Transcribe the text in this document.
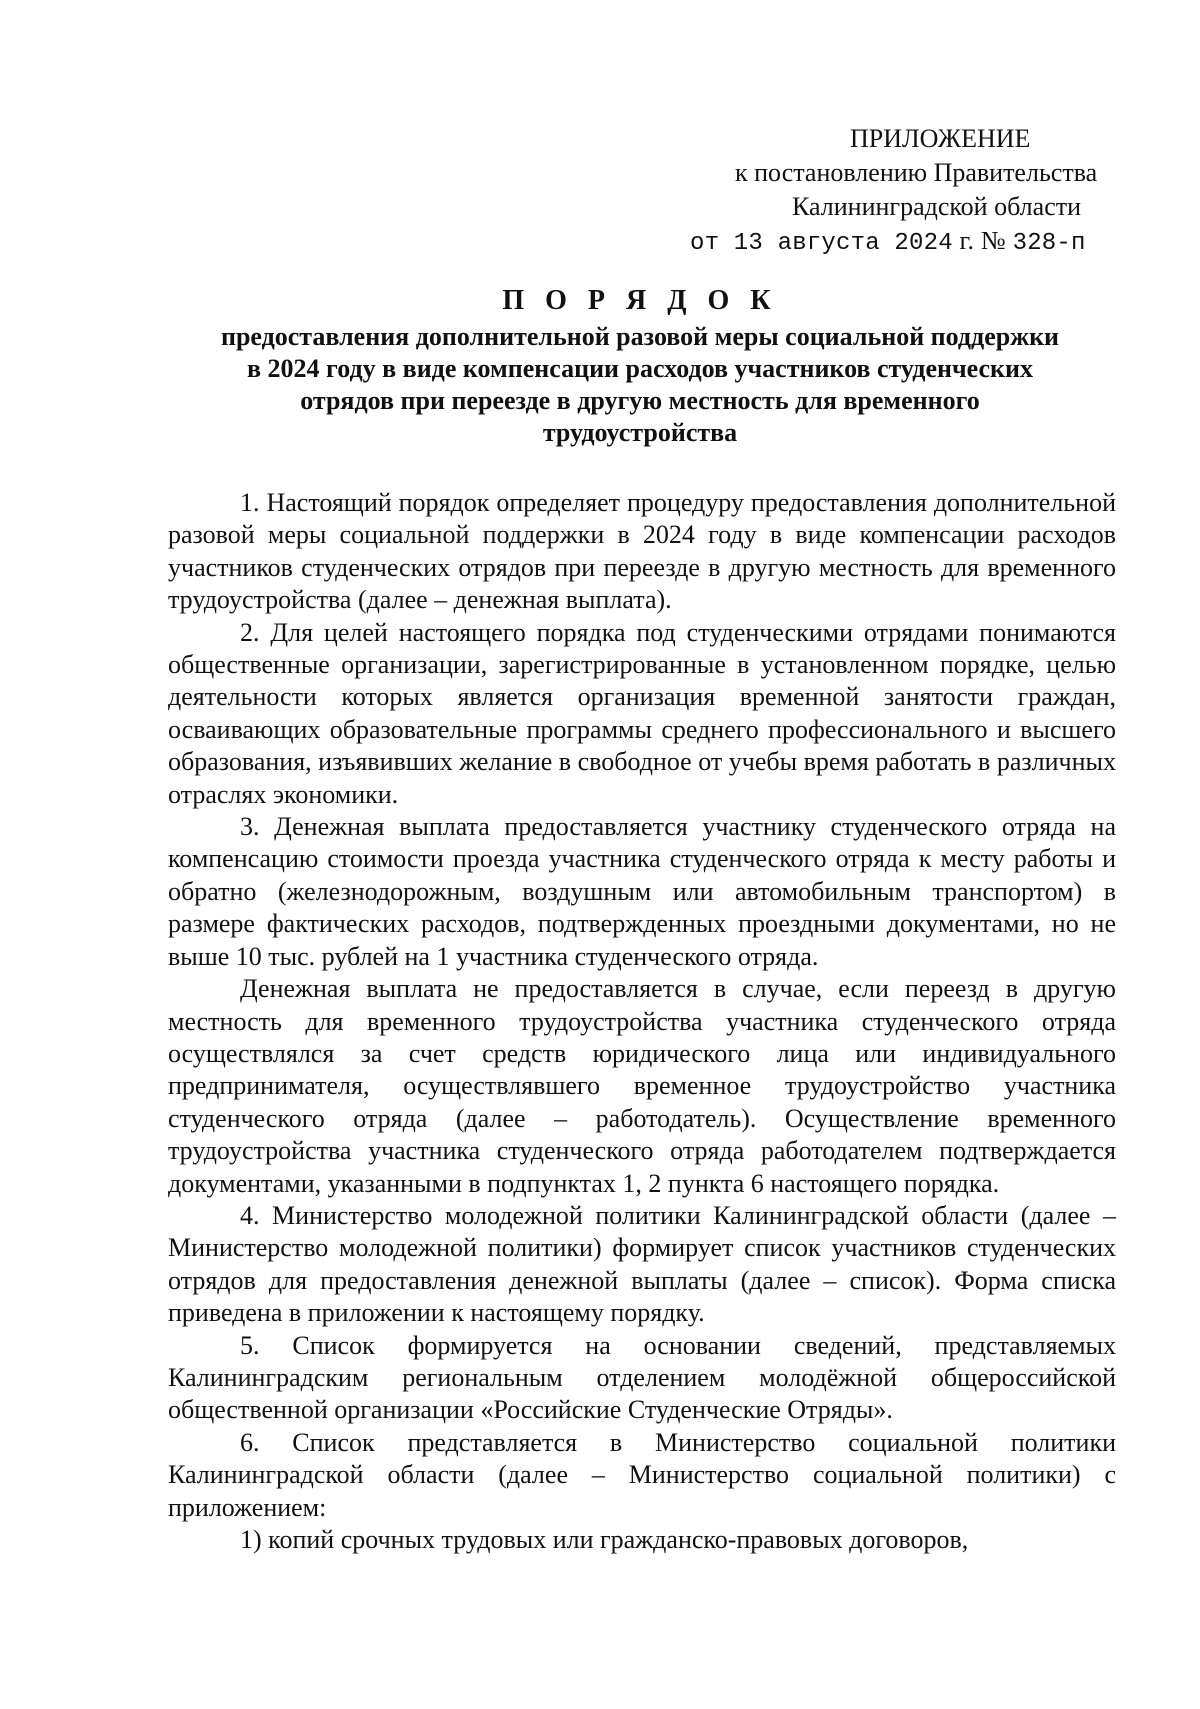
ПРИЛОЖЕНИЕ
к постановлению Правительства
Калининградской области
от 13 августа 2024 г. № 328-п
П О Р Я Д О К
предоставления дополнительной разовой меры социальной поддержки
в 2024 году в виде компенсации расходов участников студенческих
отрядов при переезде в другую местность для временного
трудоустройства

1. Настоящий порядок определяет процедуру предоставления дополнительной разовой меры социальной поддержки в 2024 году в виде компенсации расходов участников студенческих отрядов при переезде в другую местность для временного трудоустройства (далее – денежная выплата).

2. Для целей настоящего порядка под студенческими отрядами понимаются общественные организации, зарегистрированные в установленном порядке, целью деятельности которых является организация временной занятости граждан, осваивающих образовательные программы среднего профессионального и высшего образования, изъявивших желание в свободное от учебы время работать в различных отраслях экономики.

3. Денежная выплата предоставляется участнику студенческого отряда на компенсацию стоимости проезда участника студенческого отряда к месту работы и обратно (железнодорожным, воздушным или автомобильным транспортом) в размере фактических расходов, подтвержденных проездными документами, но не выше 10 тыс. рублей на 1 участника студенческого отряда.

Денежная выплата не предоставляется в случае, если переезд в другую местность для временного трудоустройства участника студенческого отряда осуществлялся за счет средств юридического лица или индивидуального предпринимателя, осуществлявшего временное трудоустройство участника студенческого отряда (далее – работодатель). Осуществление временного трудоустройства участника студенческого отряда работодателем подтверждается документами, указанными в подпунктах 1, 2 пункта 6 настоящего порядка.

4. Министерство молодежной политики Калининградской области (далее – Министерство молодежной политики) формирует список участников студенческих отрядов для предоставления денежной выплаты (далее – список). Форма списка приведена в приложении к настоящему порядку.

5. Список формируется на основании сведений, представляемых Калининградским региональным отделением молодёжной общероссийской общественной организации «Российские Студенческие Отряды».

6. Список представляется в Министерство социальной политики Калининградской области (далее – Министерство социальной политики) с приложением:

1) копий срочных трудовых или гражданско-правовых договоров,
